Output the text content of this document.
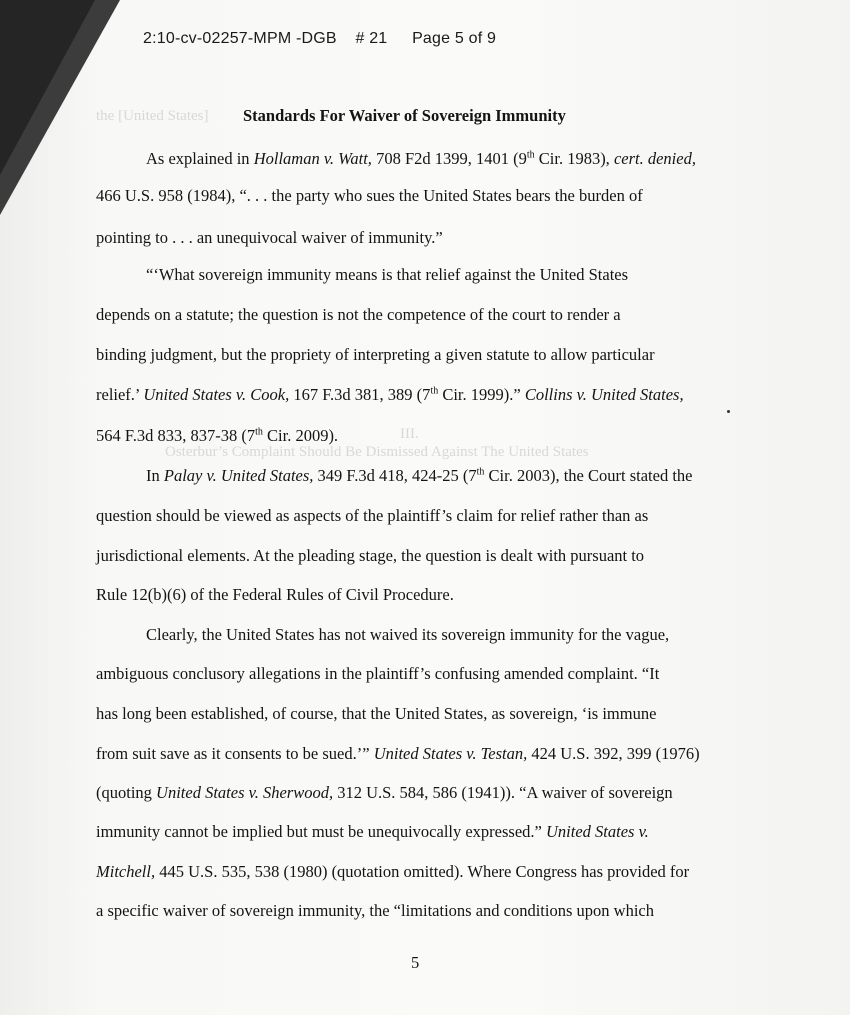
the [United States]
III.
Osterbur’s Complaint Should Be Dismissed Against The United States
2:10-cv-02257-MPM -DGB # 21 Page 5 of 9
Standards For Waiver of Sovereign Immunity
As explained in Hollaman v. Watt, 708 F2d 1399, 1401 (9th Cir. 1983), cert. denied,
466 U.S. 958 (1984), “. . . the party who sues the United States bears the burden of
pointing to . . . an unequivocal waiver of immunity.”
“‘What sovereign immunity means is that relief against the United States
depends on a statute; the question is not the competence of the court to render a
binding judgment, but the propriety of interpreting a given statute to allow particular
relief.’ United States v. Cook, 167 F.3d 381, 389 (7th Cir. 1999).” Collins v. United States,
564 F.3d 833, 837-38 (7th Cir. 2009).
In Palay v. United States, 349 F.3d 418, 424-25 (7th Cir. 2003), the Court stated the
question should be viewed as aspects of the plaintiff’s claim for relief rather than as
jurisdictional elements. At the pleading stage, the question is dealt with pursuant to
Rule 12(b)(6) of the Federal Rules of Civil Procedure.
Clearly, the United States has not waived its sovereign immunity for the vague,
ambiguous conclusory allegations in the plaintiff’s confusing amended complaint. “It
has long been established, of course, that the United States, as sovereign, ‘is immune
from suit save as it consents to be sued.’” United States v. Testan, 424 U.S. 392, 399 (1976)
(quoting United States v. Sherwood, 312 U.S. 584, 586 (1941)). “A waiver of sovereign
immunity cannot be implied but must be unequivocally expressed.” United States v.
Mitchell, 445 U.S. 535, 538 (1980) (quotation omitted). Where Congress has provided for
a specific waiver of sovereign immunity, the “limitations and conditions upon which
5
